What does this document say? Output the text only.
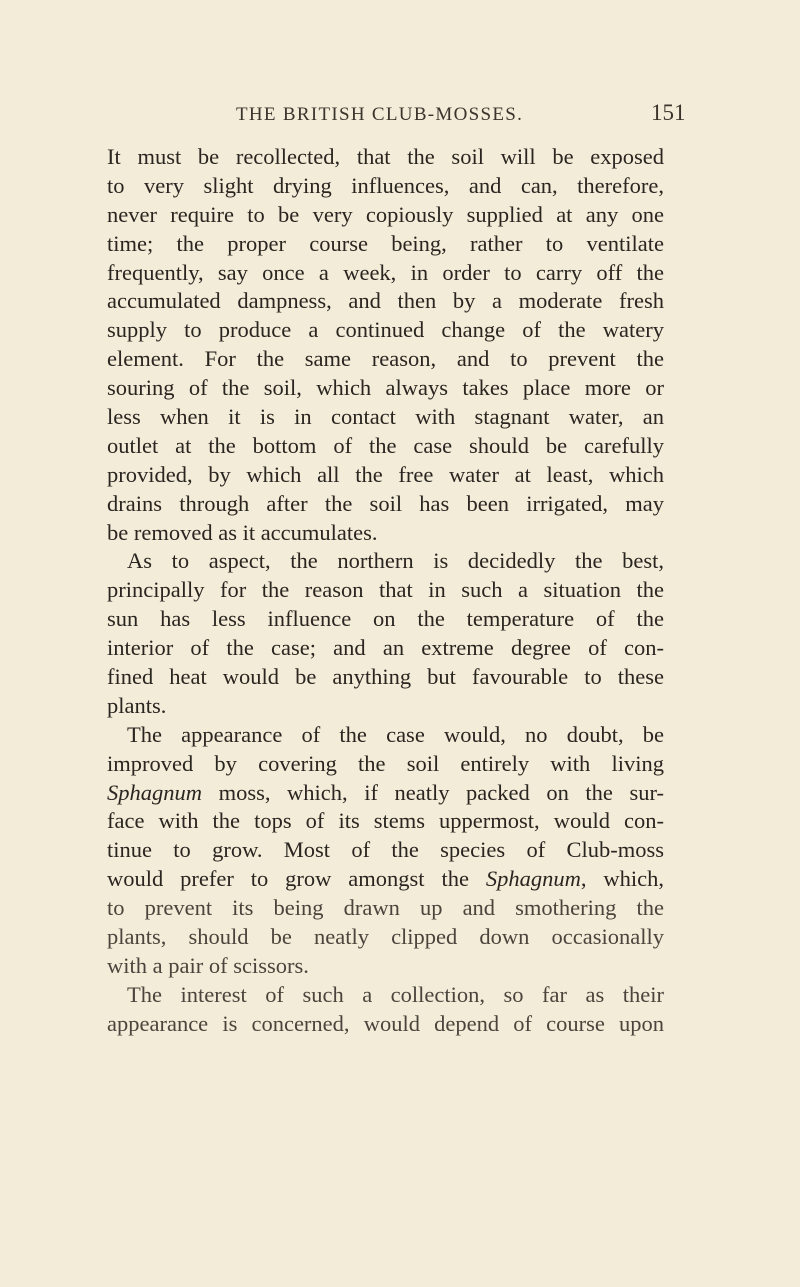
THE BRITISH CLUB-MOSSES.	151
It must be recollected, that the soil will be exposed
to very slight drying influences, and can, therefore,
never require to be very copiously supplied at any one
time; the proper course being, rather to ventilate
frequently, say once a week, in order to carry off the
accumulated dampness, and then by a moderate fresh
supply to produce a continued change of the watery
element. For the same reason, and to prevent the
souring of the soil, which always takes place more or
less when it is in contact with stagnant water, an
outlet at the bottom of the case should be carefully
provided, by which all the free water at least, which
drains through after the soil has been irrigated, may
be removed as it accumulates.
As to aspect, the northern is decidedly the best,
principally for the reason that in such a situation the
sun has less influence on the temperature of the
interior of the case; and an extreme degree of con-
fined heat would be anything but favourable to these
plants.
The appearance of the case would, no doubt, be
improved by covering the soil entirely with living
Sphagnum moss, which, if neatly packed on the sur-
face with the tops of its stems uppermost, would con-
tinue to grow. Most of the species of Club-moss
would prefer to grow amongst the Sphagnum, which,
to prevent its being drawn up and smothering the
plants, should be neatly clipped down occasionally
with a pair of scissors.
The interest of such a collection, so far as their
appearance is concerned, would depend of course upon
